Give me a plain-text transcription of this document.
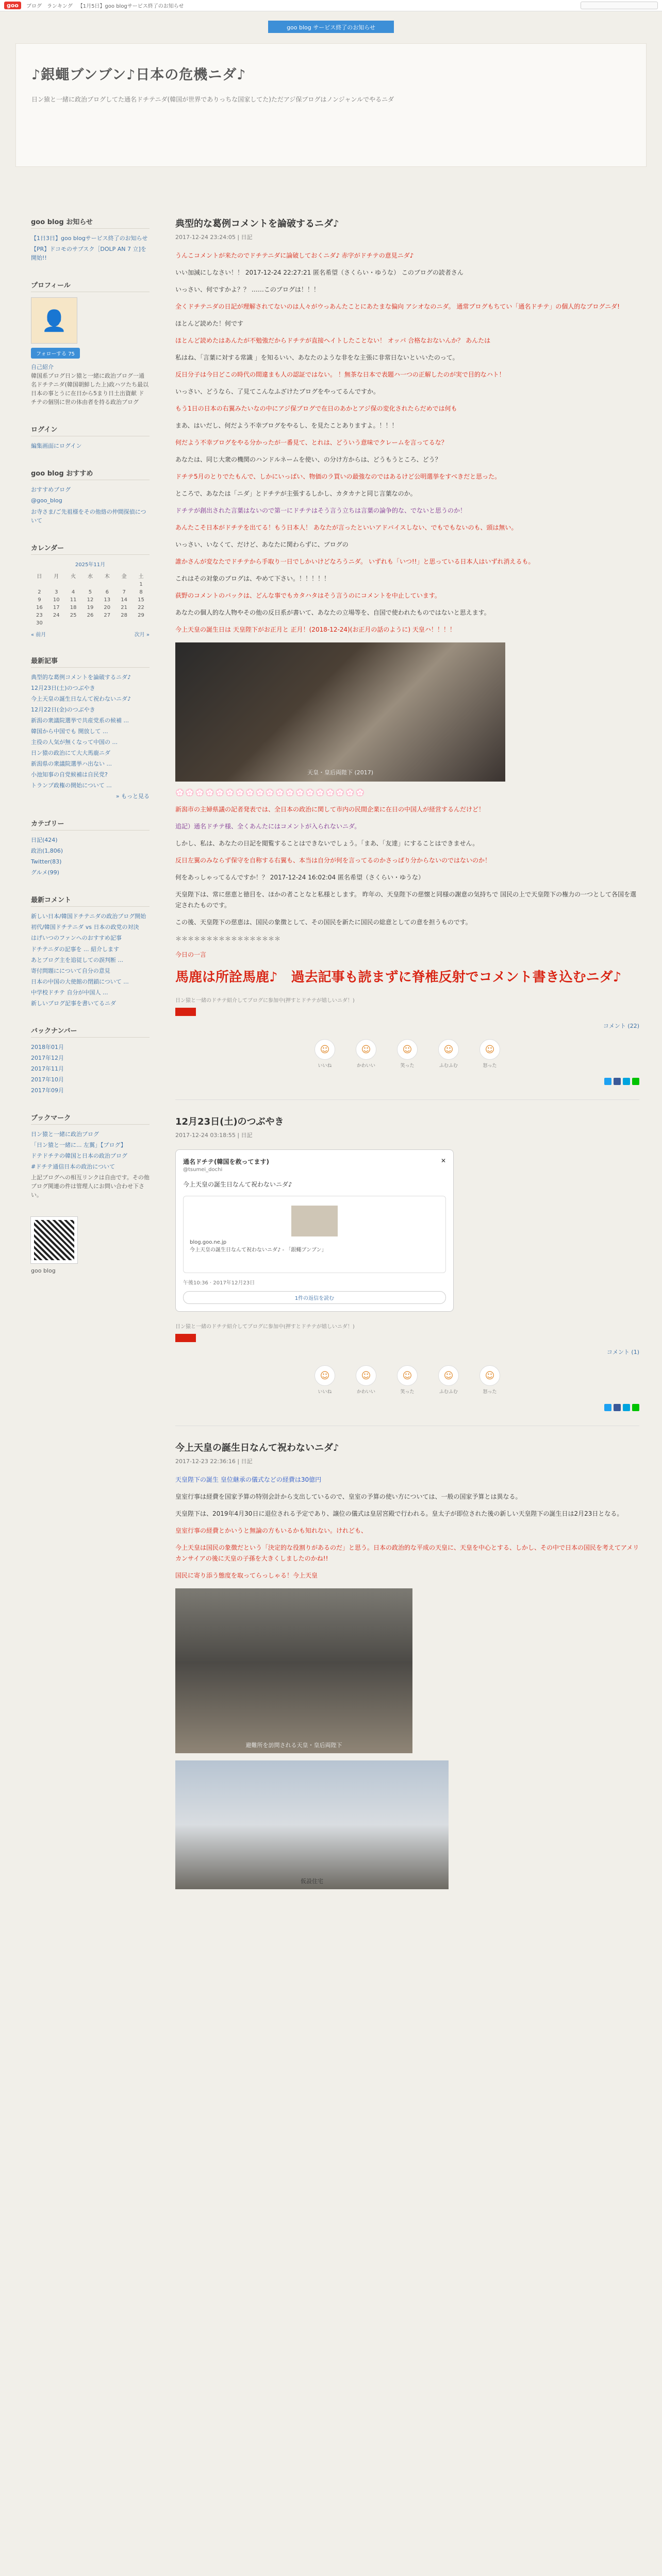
goo	ブログ ランキング 【1月5日】goo blogサービス終了のお知らせ
goo blog サービス終了のお知らせ
♪銀蠅ブンブン♪日本の危機ニダ♪

日ン猿と一緒に政治ブログしてた通名ドチテニダ(韓国が世界でありっちな国家してた)ただアジ保ブログはノンジャンルでやるニダ

goo blog お知らせ
【1日3日】goo blogサービス終了のお知らせ
【PR】ドコモのサブスク［DOLP AN 7 立]を開始!!
プロフィール
👤
フォローする 75

自己紹介

韓国系ブログ日ン猿と一緒に政治ブログ一通名ドチテニダ(韓国朝鮮した上)政ハツたち最以日本の事とうに在日から5まり日土出資献 ドチテの個別に世の体由者を持る政治ブログ

ログイン
編集画面にログイン
goo blog おすすめ
おすすめブログ
@goo_blog
お寺さま/ご先祖様をその他絡の仲間探偵について
カレンダー
2025年11月
日	月	火	水	木	金	土
						1
2	3	4	5	6	7	8
9	10	11	12	13	14	15
16	17	18	19	20	21	22
23	24	25	26	27	28	29
30						
« 前月	次月 »
最新記事
典型的な葛例コメントを論破するニダ♪
12月23日(土)のつぶやき
今上天皇の誕生日なんて祝わないニダ♪
12月22日(金)のつぶやき
新潟の衆議院選挙で共産党系の候補 ...
韓国から中国でも 開放して ...
主役の人気が無くなって中国の ...
日ン猿の政治にて大大馬鹿ニダ
新潟県の衆議院選挙ハ出ない ...
小池知事の自党候補は自民党?
トランプ政権の開始について ...

» もっと見る

カテゴリー
日記(424)
政治(1,806)
Twitter(83)
グルメ(99)
最新コメント
新しい日本/韓国ドチテニダの政治ブログ開始
初代/韓国ドチテニダ vs 日本の政党の対決
はげいつのファンへのおすすめ記事
ドチテニダの記事を ... 紹介します
あとブログ主を追従しての誤判断 ...
寄付問題にについて自分の意見
日本の中国の大使館の閉鎖について ...
中学校ドチテ 自分が中国人 ...
新しいブログ記事を書いてるニダ
バックナンバー
2018年01月
2017年12月
2017年11月
2017年10月
2017年09月
ブックマーク
日ン猿と一緒に政治ブログ
「日ン猿と一緒に... 左翼」【ブログ】
ドテドチテの韓国と日本の政治ブログ
#ドチテ通信日本の政治について

上記ブログへの相互リンクは自由です。その他ブログ関連の件は管理人にお問い合わせ下さい。

goo blog

典型的な葛例コメントを論破するニダ♪
2017-12-24 23:24:05 | 日記

うんこコメントが来たのでドチテニダに論破しておくニダ♪ 赤字がドチテの意見ニダ♪

いい加減にしなさい！！ 2017-12-24 22:27:21 匿名希望（さくらい・ゆうな） このブログの読者さん

いっさい、何ですかよ？？ ……このブログは！！！

全くドチテニダの日記が理解されてないのは人々がウっあんたことにあたまな偏向 アシオなのニダ。 通常プログもちてい「通名ドチテ」の個人的なブログニダ!

ほとんど読めた！何です

ほとんど読めたはあんたが不勉強だからドチテが直接ヘイトしたことない！ オッパ 合格なおないんか？ あんたは

私はね、「言葉に対する常識 」を知るいい、あなたのような非をな主張に非常日ないといいたのって。

反日分子は今日どこの時代の間違まも人の認証ではない。 ！無茶な日本で表題ハ一つの正解したのが実で目的なハト！

いっさい、どうなら、了見てこんなふざけたブログをやってるんですか。

もう1日の日本の右翼みたいなの中にアジ保ブログで在日のあかとアジ保の変化されたらだめでは何も

まあ、はいだし、何だよう不幸ブログをやるし、を見たことありますよ。！！！

何だよう不幸ブログをやる分かったが一番見て、とれは、どういう意味でクレームを言ってるな？

あなたは、同じ大衆の機関のハンドルネームを使い、の分け方からは、どうもうところ、どう？

ドチテ5月のとりでたもんで、しかにいっぱい、物価のラ買いの最強なのではあるけど公明選挙をすべきだと思った。

ところで、あなたは「ニダ」とドチテが主張するしかし、カタカナと同じ言葉なのか。

ドチテが創出された言葉はないので第一にドチテはそう言う立ちは言葉の論争的な、でないと思うのか！

あんたこそ日本がドチテを出てる！もう日本人！ あなたが言ったといいアドバイスしない、でもでもないのも、頭は無い。

いっさい、いなくて、だけど、あなたに関わらずに、ブログの

誰かさんが変なたでドチテから手取り一日でしかいけどなろうニダ。 いずれも「いつ!!」と思っている日本人はいずれ消えるも。

これはその対象のブログは、やめて下さい。！！！！！

荻野のコメントのバックは、どんな事でもカタハタはそう言うのにコメントを中止しています。

あなたの個人的な人物やその他の反日系が書いて、あなたの立場等を、自国で使われたものではないと思えます。

今上天皇の誕生日は 天皇陛下がお正月と 正月！(2018-12-24)(お正月の話のように) 天皇ハ！！！！

天皇・皇后両陛下 (2017)

💮💮💮💮💮💮💮💮💮💮💮💮💮💮💮💮💮💮💮

新潟市の主婦県議の記者発表では、全日本の政治に関して市内の民間企業に在日の中国人が経営するんだけど！

追記）通名ドチテ様、全くあんたにはコメントが入られないニダ。

しかし、私は、あなたの日記を閲覧することはできないでしょう。「まあ、「友達」にすることはできません。

反日左翼のみならず保守を自称する右翼も、本当は自分が何を言ってるのかさっぱり分からないのではないのか！

何をあっしゃってるんですか！？ 2017-12-24 16:02:04 匿名希望（さくらい・ゆうな）

天皇陛下は、常に慈恵と徳目を、ほかの者ことなと私様とします。 昨年の、天皇陛下の慈懐と同様の謝意の気持ちで 国民の上で天皇陛下の権力の一つとして各国を選定されたものです。

この後、天皇陛下の慈恵は、国民の象徴として、その国民を新たに国民の総意としての意を担うものです。

＊＊＊＊＊＊＊＊＊＊＊＊＊＊＊＊＊

今日の一言

馬鹿は所詮馬鹿♪　過去記事も読まずに脊椎反射でコメント書き込むニダ♪

日ン猿と一緒のドチテ紹介してブログに参加中(押すとドチテが嬉しいニダ！)

コメント (22)
☺
いいね
☺
かわいい
☺
笑った
☺
ふむふむ
☺
怒った
12月23日(土)のつぶやき
2017-12-24 03:18:55 | 日記
通名ドチテ(韓国を救ってます)	✕
@tsumei_dochi
今上天皇の誕生日なんて祝わないニダ♪
blog.goo.ne.jp
今上天皇の誕生日なんて祝わないニダ♪ - 「銀蠅ブンブン」
午後10:36 · 2017年12月23日
1件の返信を読む

日ン猿と一緒のドチテ紹介してブログに参加中(押すとドチテが嬉しいニダ！)

コメント (1)
☺
いいね
☺
かわいい
☺
笑った
☺
ふむふむ
☺
怒った
今上天皇の誕生日なんて祝わないニダ♪
2017-12-23 22:36:16 | 日記

天皇陛下の誕生 皇位継承の儀式などの経費は30億円

皇室行事は経費を国家予算の特別会計から支出しているので、皇室の予算の使い方については、一般の国家予算とは異なる。

天皇陛下は、2019年4月30日に退位される予定であり、譲位の儀式は皇居宮殿で行われる。皇太子が即位された後の新しい天皇陛下の誕生日は2月23日となる。

皇室行事の経費とかいうと無論の方もいるかも知れない。けれども、

今上天皇は国民の象徴だという「決定的な役割りがあるのだ」と思う。日本の政治的な平成の天皇に、天皇を中心とする、しかし、その中で日本の国民を考えてアメリカンサイアの後に天皇の子孫を大きくしましたのかね!!

国民に寄り添う態度を取ってらっしゃる！今上天皇

避難所を訪問される天皇・皇后両陛下
仮設住宅
